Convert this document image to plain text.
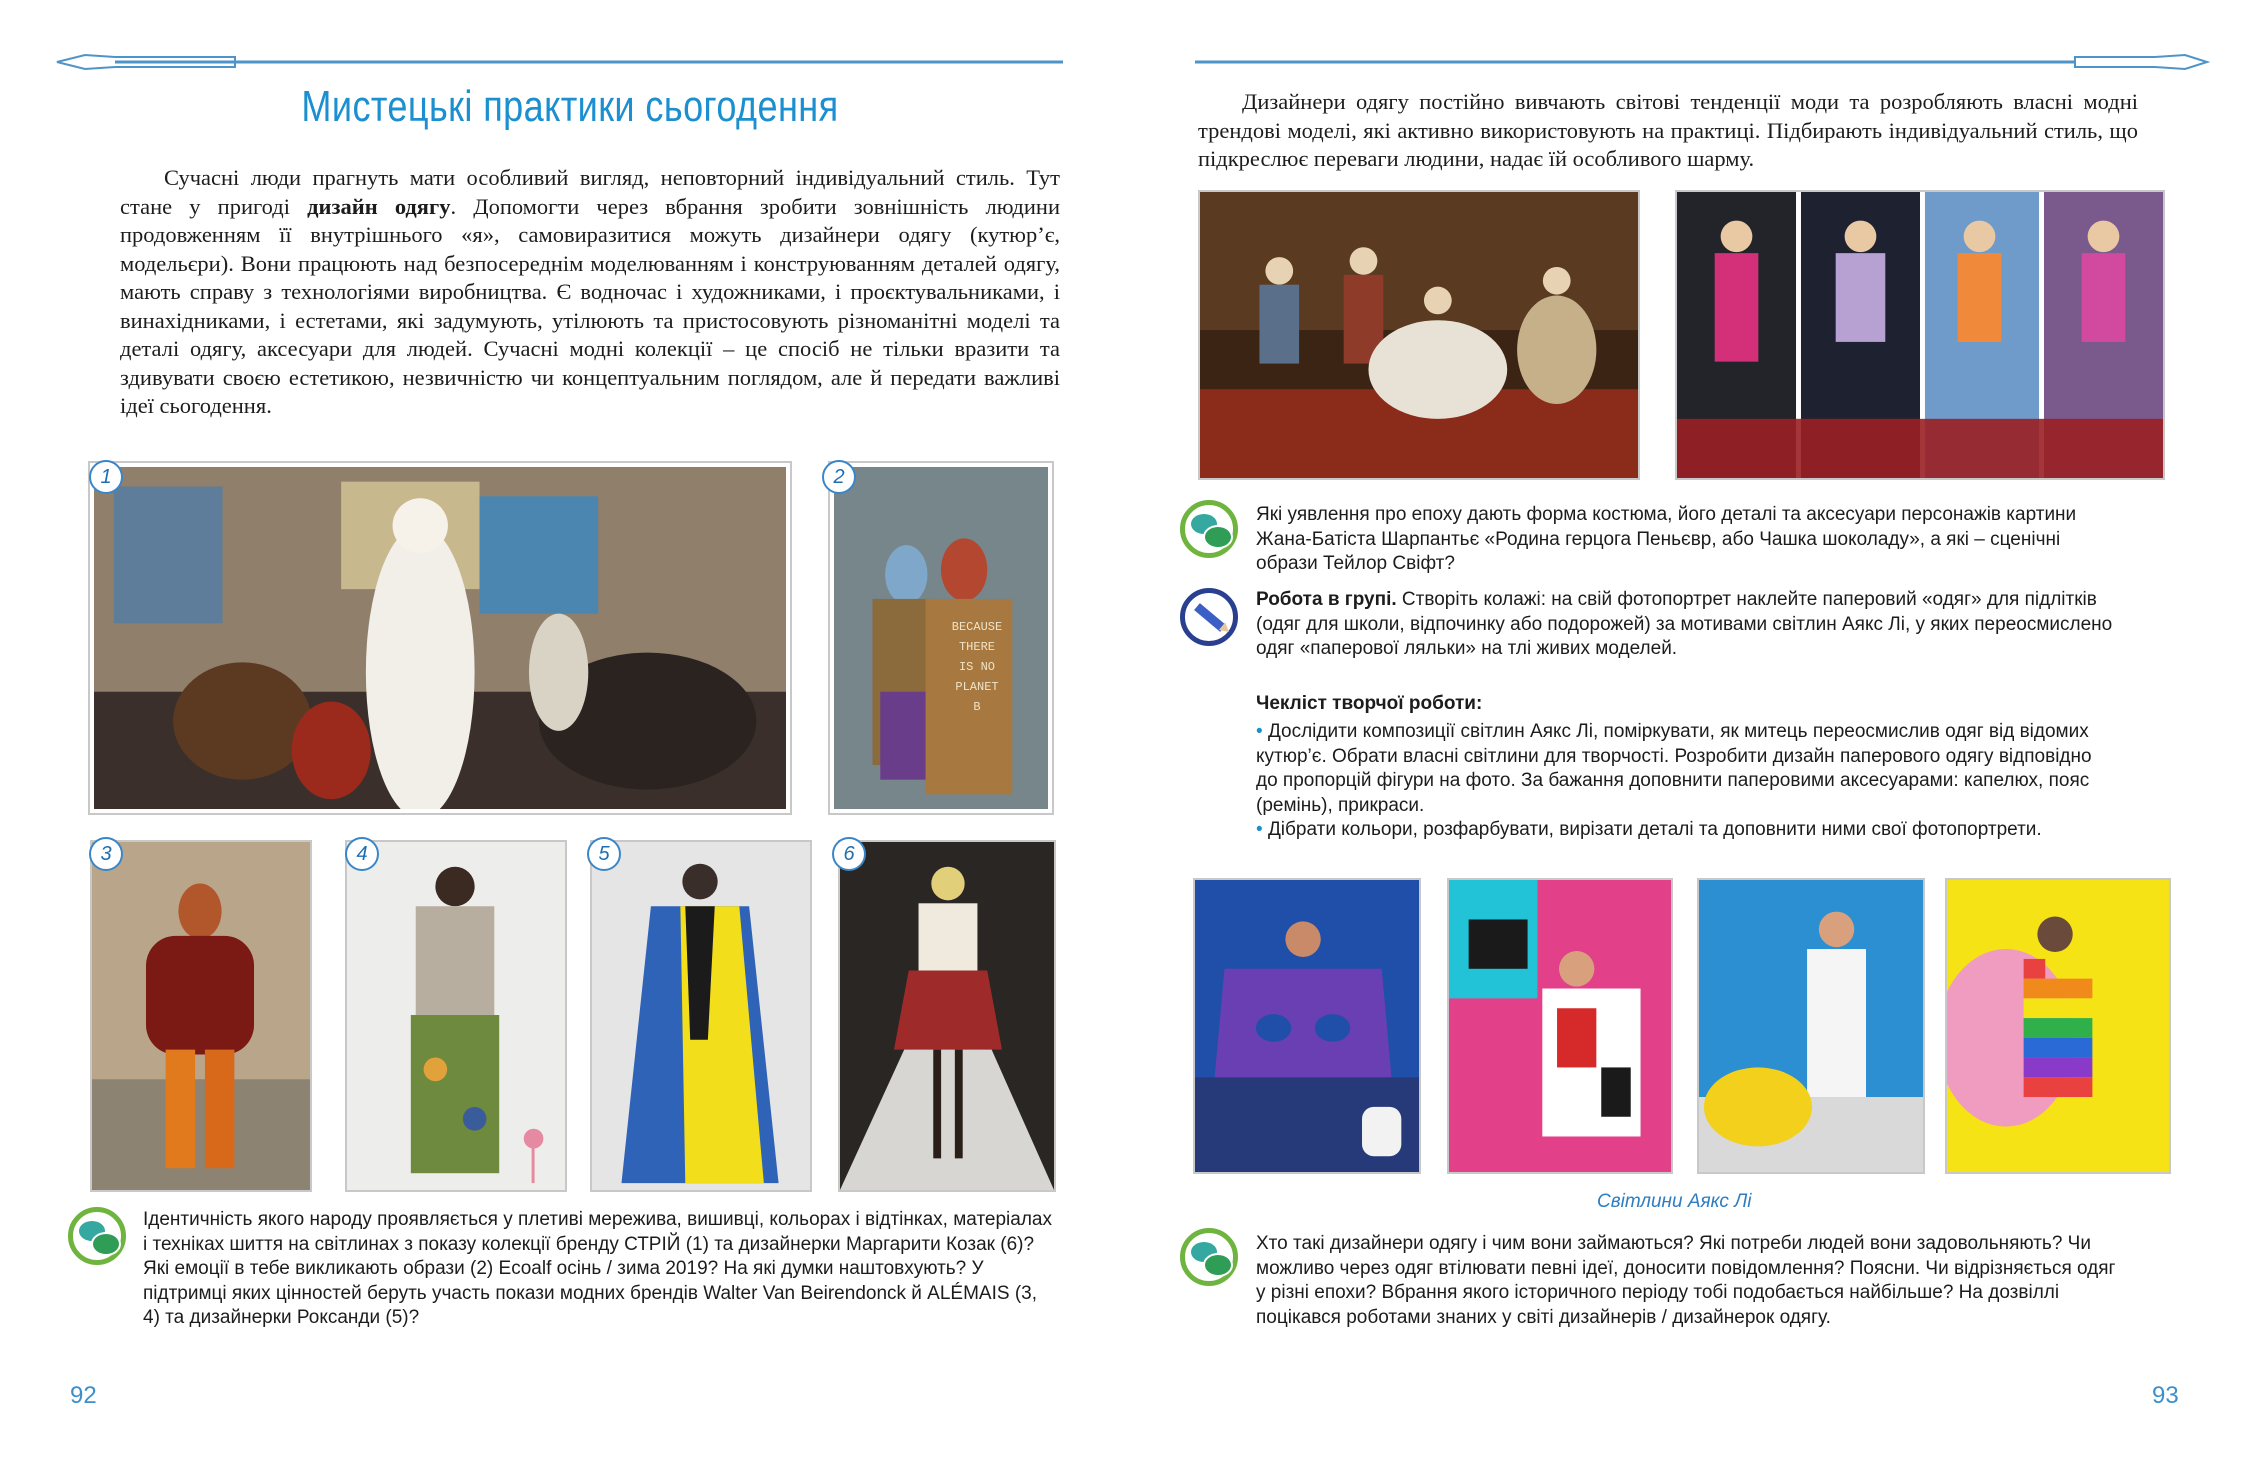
Мистецькі практики сьогодення

Сучасні люди прагнуть мати особливий вигляд, неповторний індивідуальний стиль. Тут стане у пригоді дизайн одягу. Допомогти через вбрання зробити зовнішність людини продовженням її внутрішнього «я», самовиразитися можуть дизайнери одягу (кутюр’є, модельєри). Вони працюють над безпосереднім моделюванням і конструюванням деталей одягу, мають справу з технологіями виробництва. Є водночас і художниками, і проєктувальниками, і винахідниками, і естетами, які задумують, утілюють та пристосовують різноманітні моделі та деталі одягу, аксесуари для людей. Сучасні модні колекції – це спосіб не тільки вразити та здивувати своєю естетикою, незвичністю чи концептуальним поглядом, але й передати важливі ідеї сьогодення.

1
BECAUSE
THERE
IS NO
PLANET
B
2
3	4	5	6
Ідентичність якого народу проявляється у плетиві мережива, вишивці, кольорах і відтінках, матеріалах і техніках шиття на світлинах з показу колекції бренду СТРІЙ (1) та дизайнерки Маргарити Козак (6)? Які емоції в тебе викликають образи (2) Ecoalf осінь / зима 2019? На які думки наштовхують? У підтримці яких цінностей беруть участь покази модних брендів Walter Van Beirendonck й ALÉMAIS (3, 4) та дизайнерки Роксанди (5)?
92

Дизайнери одягу постійно вивчають світові тенденції моди та розробляють власні модні трендові моделі, які активно використовують на практиці. Підбирають індивідуальний стиль, що підкреслює переваги людини, надає їй особливого шарму.

Які уявлення про епоху дають форма костюма, його деталі та аксесуари персонажів картини Жана-Батіста Шарпантьє «Родина герцога Пеньєвр, або Чашка шоколаду», а які – сценічні образи Тейлор Свіфт?
Робота в групі. Створіть колажі: на свій фотопортрет наклейте паперовий «одяг» для підлітків (одяг для школи, відпочинку або подорожей) за мотивами світлин Аякс Лі, у яких переосмислено одяг «паперової ляльки» на тлі живих моделей.
Чекліст творчої роботи:
• Дослідити композиції світлин Аякс Лі, поміркувати, як митець переосмислив одяг від відомих кутюр’є. Обрати власні світлини для творчості. Розробити дизайн паперового одягу відповідно до пропорцій фігури на фото. За бажання доповнити паперовими аксесуарами: капелюх, пояс (ремінь), прикраси.
• Дібрати кольори, розфарбувати, вирізати деталі та доповнити ними свої фотопортрети.
Світлини Аякс Лі
Хто такі дизайнери одягу і чим вони займаються? Які потреби людей вони задовольняють? Чи можливо через одяг втілювати певні ідеї, доносити повідомлення? Поясни. Чи відрізняється одяг у різні епохи? Вбрання якого історичного періоду тобі подобається найбільше? На дозвіллі поцікався роботами знаних у світі дизайнерів / дизайнерок одягу.
93
